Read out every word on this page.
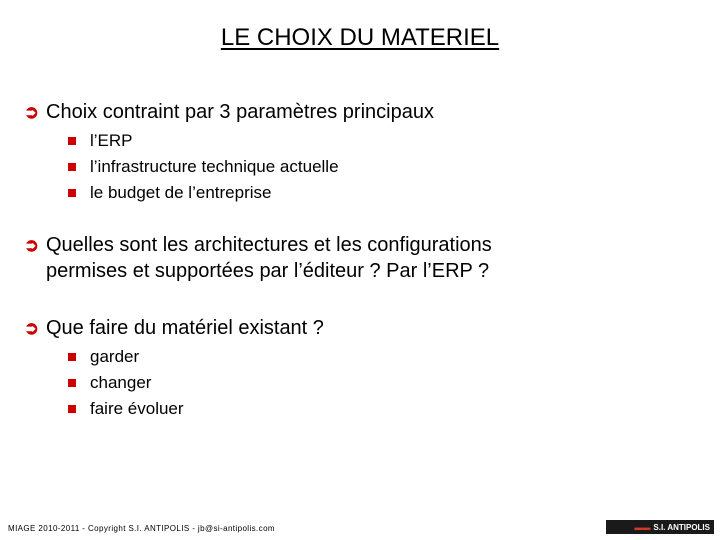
LE CHOIX DU MATERIEL
➲ Choix contraint par 3 paramètres principaux
l’ERP
l’infrastructure technique actuelle
le budget de l’entreprise
➲ Quelles sont les architectures et les configurations
permises et supportées par l’éditeur ? Par l’ERP ?
➲ Que faire du matériel existant ?
garder
changer
faire évoluer
MIAGE 2010-2011 - Copyright S.I. ANTIPOLIS - jb@si-antipolis.com	▬▬ S.I. ANTIPOLIS
